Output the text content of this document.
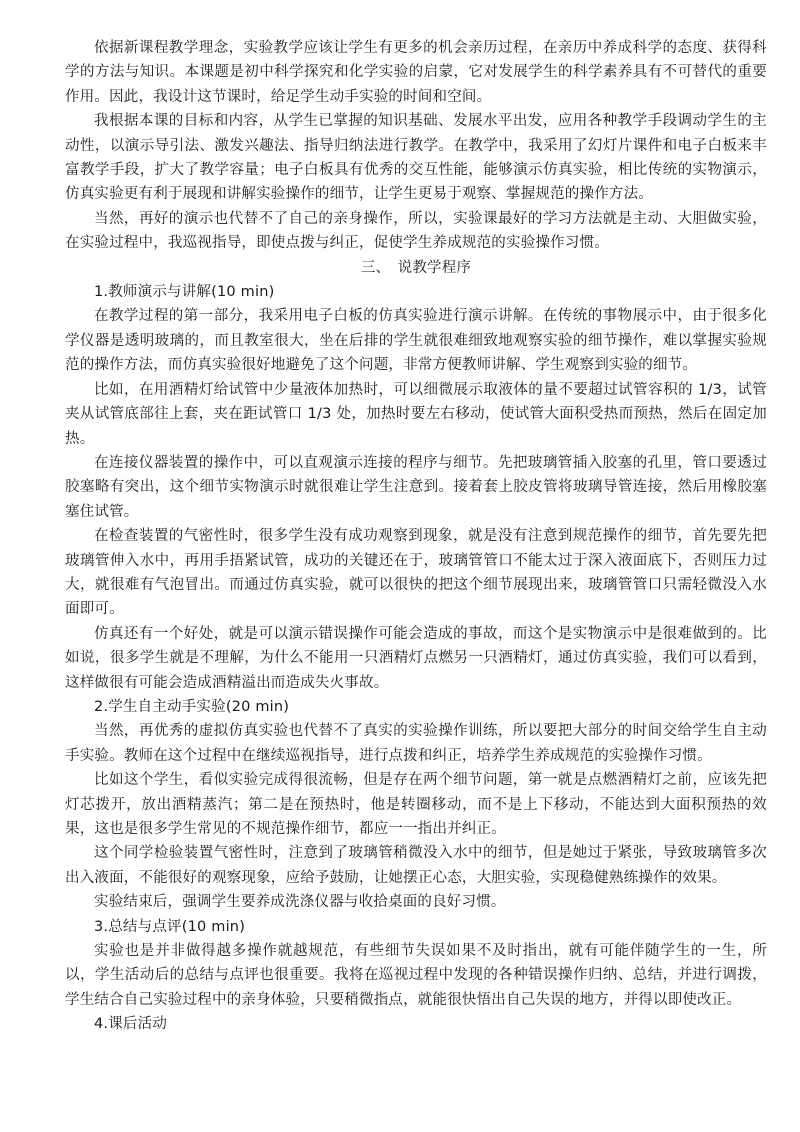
依据新课程教学理念，实验教学应该让学生有更多的机会亲历过程，在亲历中养成科学的态度、获得科学的方法与知识。本课题是初中科学探究和化学实验的启蒙，它对发展学生的科学素养具有不可替代的重要作用。因此，我设计这节课时，给足学生动手实验的时间和空间。

我根据本课的目标和内容，从学生已掌握的知识基础、发展水平出发，应用各种教学手段调动学生的主动性，以演示导引法、激发兴趣法、指导归纳法进行教学。在教学中，我采用了幻灯片课件和电子白板来丰富教学手段，扩大了教学容量；电子白板具有优秀的交互性能，能够演示仿真实验，相比传统的实物演示，仿真实验更有利于展现和讲解实验操作的细节，让学生更易于观察、掌握规范的操作方法。

当然，再好的演示也代替不了自己的亲身操作，所以，实验课最好的学习方法就是主动、大胆做实验，在实验过程中，我巡视指导，即使点拨与纠正，促使学生养成规范的实验操作习惯。

三、　说教学程序

1.教师演示与讲解(10 min)

在教学过程的第一部分，我采用电子白板的仿真实验进行演示讲解。在传统的事物展示中，由于很多化学仪器是透明玻璃的，而且教室很大，坐在后排的学生就很难细致地观察实验的细节操作，难以掌握实验规范的操作方法，而仿真实验很好地避免了这个问题，非常方便教师讲解、学生观察到实验的细节。

比如，在用酒精灯给试管中少量液体加热时，可以细微展示取液体的量不要超过试管容积的 1/3，试管夹从试管底部往上套，夹在距试管口 1/3 处，加热时要左右移动，使试管大面积受热而预热，然后在固定加热。

在连接仪器装置的操作中，可以直观演示连接的程序与细节。先把玻璃管插入胶塞的孔里，管口要透过胶塞略有突出，这个细节实物演示时就很难让学生注意到。接着套上胶皮管将玻璃导管连接，然后用橡胶塞塞住试管。

在检查装置的气密性时，很多学生没有成功观察到现象，就是没有注意到规范操作的细节，首先要先把玻璃管伸入水中，再用手捂紧试管，成功的关键还在于，玻璃管管口不能太过于深入液面底下，否则压力过大，就很难有气泡冒出。而通过仿真实验，就可以很快的把这个细节展现出来，玻璃管管口只需轻微没入水面即可。

仿真还有一个好处，就是可以演示错误操作可能会造成的事故，而这个是实物演示中是很难做到的。比如说，很多学生就是不理解，为什么不能用一只酒精灯点燃另一只酒精灯，通过仿真实验，我们可以看到，这样做很有可能会造成酒精溢出而造成失火事故。

2.学生自主动手实验(20 min)

当然，再优秀的虚拟仿真实验也代替不了真实的实验操作训练，所以要把大部分的时间交给学生自主动手实验。教师在这个过程中在继续巡视指导，进行点拨和纠正，培养学生养成规范的实验操作习惯。

比如这个学生，看似实验完成得很流畅，但是存在两个细节问题，第一就是点燃酒精灯之前，应该先把灯芯拨开，放出酒精蒸汽；第二是在预热时，他是转圈移动，而不是上下移动，不能达到大面积预热的效果，这也是很多学生常见的不规范操作细节，都应一一指出并纠正。

这个同学检验装置气密性时，注意到了玻璃管稍微没入水中的细节，但是她过于紧张，导致玻璃管多次出入液面，不能很好的观察现象，应给予鼓励，让她摆正心态，大胆实验，实现稳健熟练操作的效果。

实验结束后，强调学生要养成洗涤仪器与收拾桌面的良好习惯。

3.总结与点评(10 min)

实验也是并非做得越多操作就越规范，有些细节失误如果不及时指出，就有可能伴随学生的一生，所以，学生活动后的总结与点评也很重要。我将在巡视过程中发现的各种错误操作归纳、总结，并进行调拨，学生结合自己实验过程中的亲身体验，只要稍微指点，就能很快悟出自己失误的地方，并得以即使改正。

4.课后活动
